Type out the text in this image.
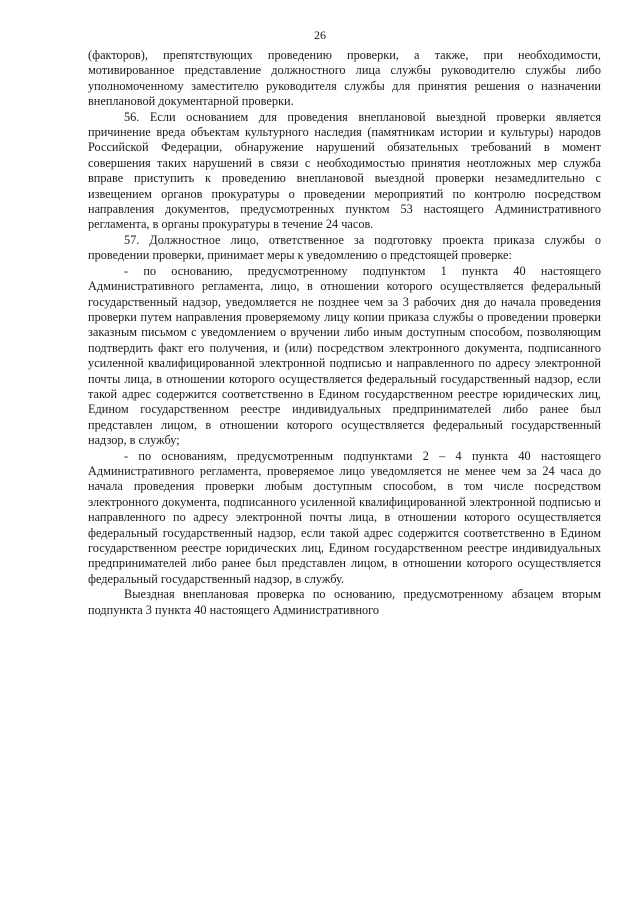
26

(факторов), препятствующих проведению проверки, а также, при необходимости, мотивированное представление должностного лица службы руководителю службы либо уполномоченному заместителю руководителя службы для принятия решения о назначении внеплановой документарной проверки.

56. Если основанием для проведения внеплановой выездной проверки является причинение вреда объектам культурного наследия (памятникам истории и культуры) народов Российской Федерации, обнаружение нарушений обязательных требований в момент совершения таких нарушений в связи с необходимостью принятия неотложных мер служба вправе приступить к проведению внеплановой выездной проверки незамедлительно с извещением органов прокуратуры о проведении мероприятий по контролю посредством направления документов, предусмотренных пунктом 53 настоящего Административного регламента, в органы прокуратуры в течение 24 часов.

57. Должностное лицо, ответственное за подготовку проекта приказа службы о проведении проверки, принимает меры к уведомлению о предстоящей проверке:

- по основанию, предусмотренному подпунктом 1 пункта 40 настоящего Административного регламента, лицо, в отношении которого осуществляется федеральный государственный надзор, уведомляется не позднее чем за 3 рабочих дня до начала проведения проверки путем направления проверяемому лицу копии приказа службы о проведении проверки заказным письмом с уведомлением о вручении либо иным доступным способом, позволяющим подтвердить факт его получения, и (или) посредством электронного документа, подписанного усиленной квалифицированной электронной подписью и направленного по адресу электронной почты лица, в отношении которого осуществляется федеральный государственный надзор, если такой адрес содержится соответственно в Едином государственном реестре юридических лиц, Едином государственном реестре индивидуальных предпринимателей либо ранее был представлен лицом, в отношении которого осуществляется федеральный государственный надзор, в службу;

- по основаниям, предусмотренным подпунктами 2 – 4 пункта 40 настоящего Административного регламента, проверяемое лицо уведомляется не менее чем за 24 часа до начала проведения проверки любым доступным способом, в том числе посредством электронного документа, подписанного усиленной квалифицированной электронной подписью и направленного по адресу электронной почты лица, в отношении которого осуществляется федеральный государственный надзор, если такой адрес содержится соответственно в Едином государственном реестре юридических лиц, Едином государственном реестре индивидуальных предпринимателей либо ранее был представлен лицом, в отношении которого осуществляется федеральный государственный надзор, в службу.

Выездная внеплановая проверка по основанию, предусмотренному абзацем вторым подпункта 3 пункта 40 настоящего Административного
